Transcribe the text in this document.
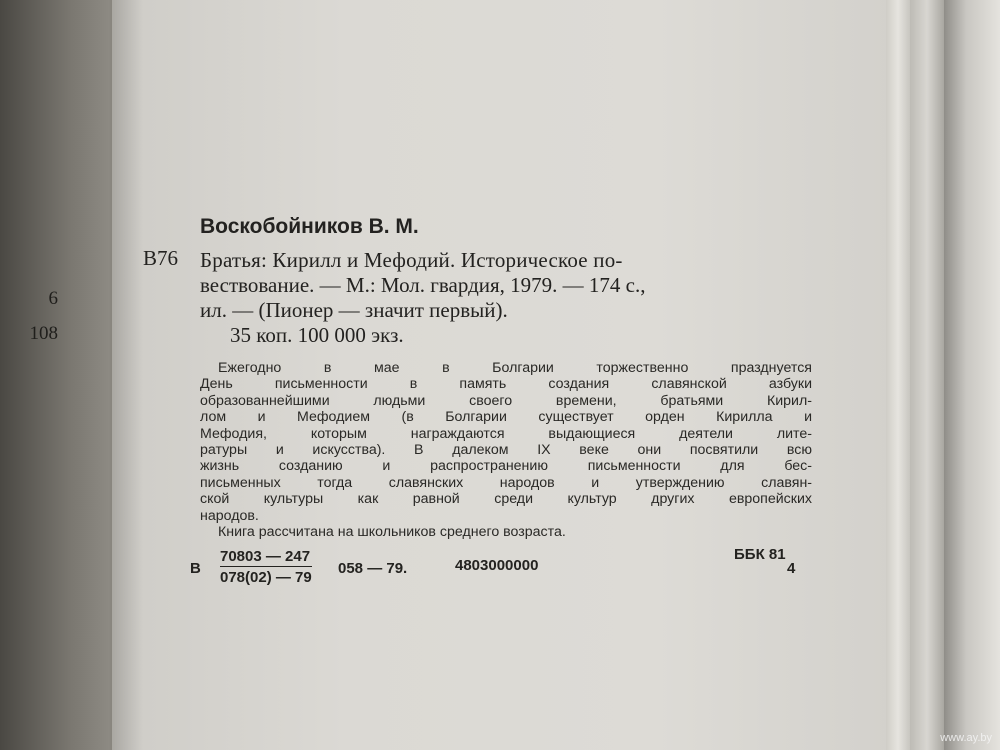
6
108
Воскобойников В. М.
В76 Братья: Кирилл и Мефодий. Историческое по-
вествование. — М.: Мол. гвардия, 1979. — 174 с.,
ил. — (Пионер — значит первый).
35 коп. 100 000 экз.
Ежегодно в мае в Болгарии торжественно празднуется
День письменности в память создания славянской азбуки
образованнейшими людьми своего времени, братьями Кирил-
лом и Мефодием (в Болгарии существует орден Кирилла и
Мефодия, которым награждаются выдающиеся деятели лите-
ратуры и искусства). В далеком IX веке они посвятили всю
жизнь созданию и распространению письменности для бес-
письменных тогда славянских народов и утверждению славян-
ской культуры как равной среди культур других европейских
народов.
Книга рассчитана на школьников среднего возраста.
В $\frac{70803 — 247}{078(02) — 79} 058$ — 79.	4803000000
ББК 81
4
www.ay.by
